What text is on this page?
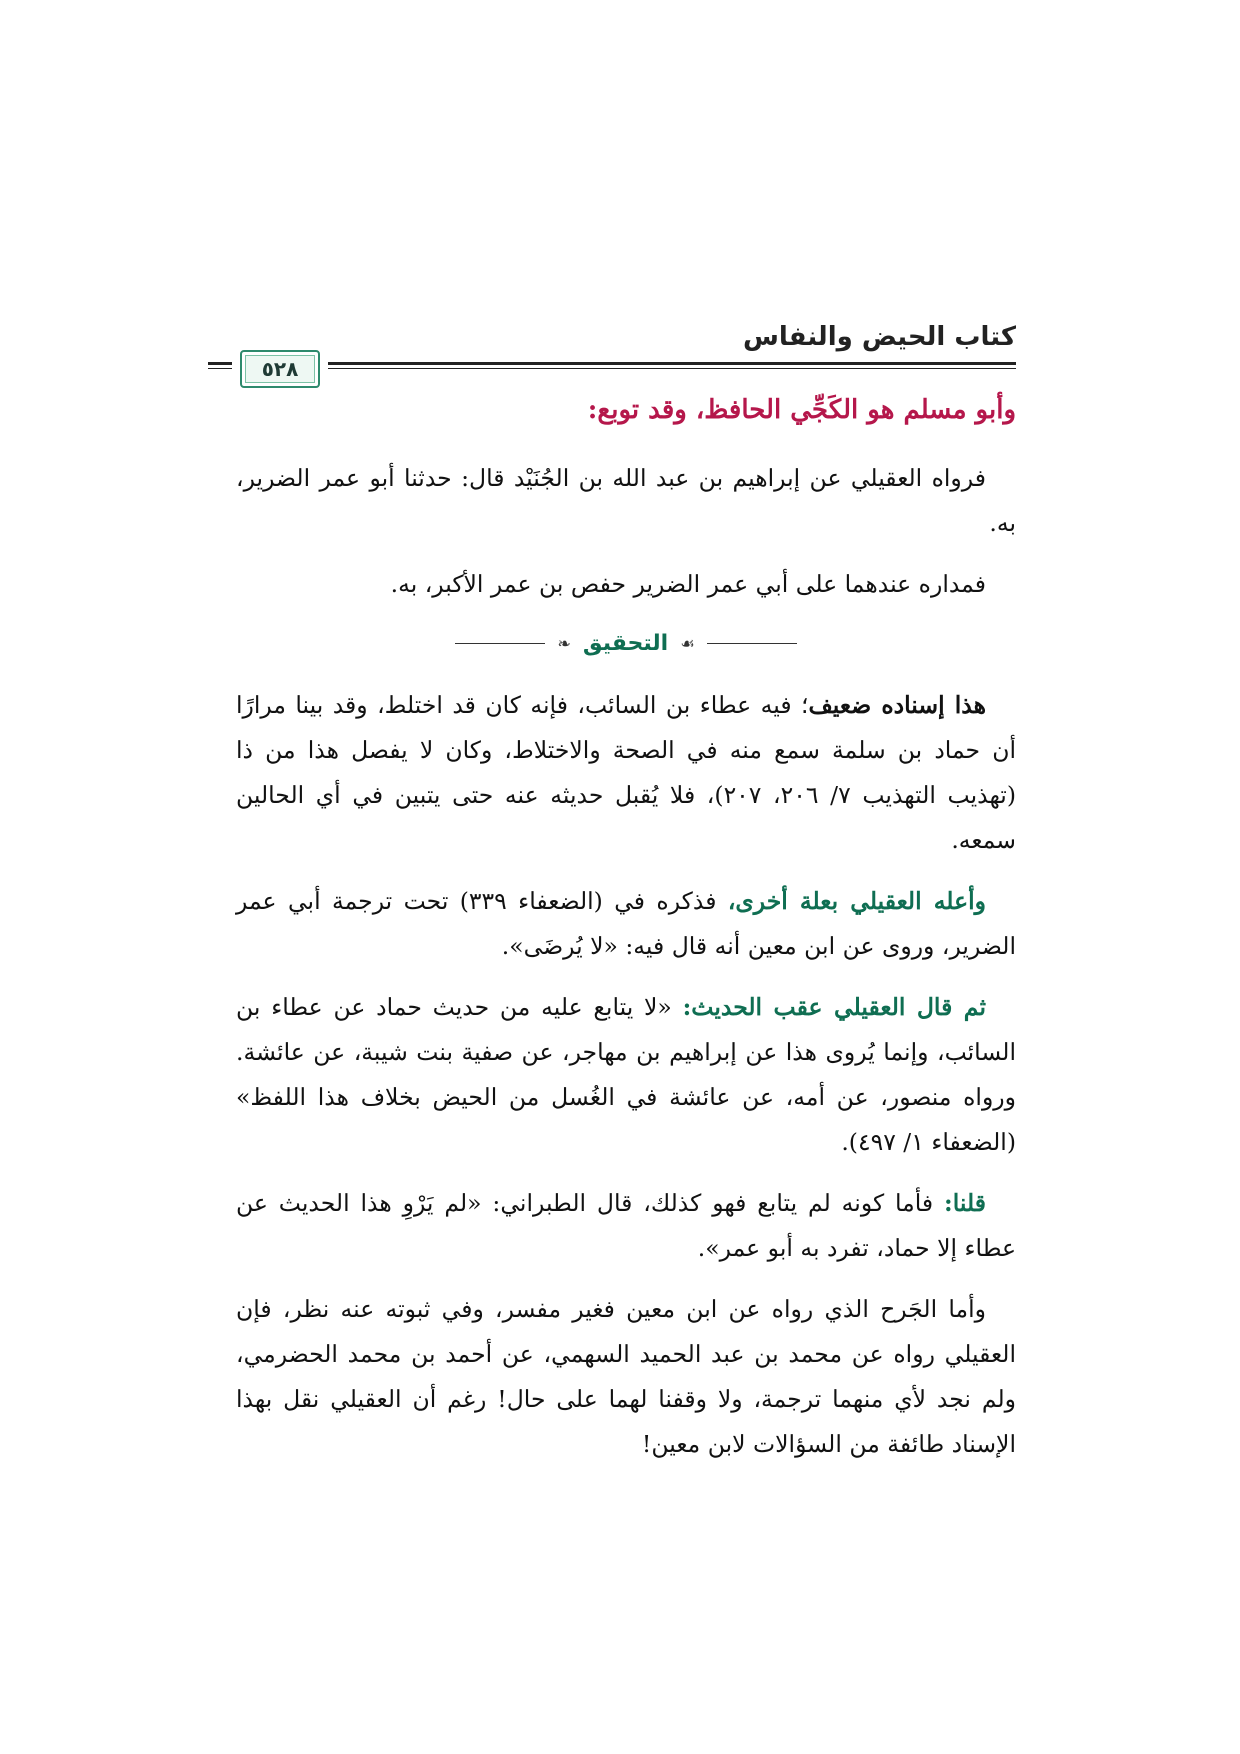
كتاب الحيض والنفاس
٥٢٨
وأبو مسلم هو الكَجِّي الحافظ، وقد توبع:

فرواه العقيلي عن إبراهيم بن عبد الله بن الجُنَيْد قال: حدثنا أبو عمر الضرير، به.

فمداره عندهما على أبي عمر الضرير حفص بن عمر الأكبر، به.

☙
التحقيق
❧

هذا إسناده ضعيف؛ فيه عطاء بن السائب، فإنه كان قد اختلط، وقد بينا مرارًا أن حماد بن سلمة سمع منه في الصحة والاختلاط، وكان لا يفصل هذا من ذا (تهذيب التهذيب ٧/ ٢٠٦، ٢٠٧)، فلا يُقبل حديثه عنه حتى يتبين في أي الحالين سمعه.

وأعله العقيلي بعلة أخرى، فذكره في (الضعفاء ٣٣٩) تحت ترجمة أبي عمر الضرير، وروى عن ابن معين أنه قال فيه: «لا يُرضَى».

ثم قال العقيلي عقب الحديث: «لا يتابع عليه من حديث حماد عن عطاء بن السائب، وإنما يُروى هذا عن إبراهيم بن مهاجر، عن صفية بنت شيبة، عن عائشة. ورواه منصور، عن أمه، عن عائشة في الغُسل من الحيض بخلاف هذا اللفظ» (الضعفاء ١/ ٤٩٧).

قلنا: فأما كونه لم يتابع فهو كذلك، قال الطبراني: «لم يَرْوِ هذا الحديث عن عطاء إلا حماد، تفرد به أبو عمر».

وأما الجَرح الذي رواه عن ابن معين فغير مفسر، وفي ثبوته عنه نظر، فإن العقيلي رواه عن محمد بن عبد الحميد السهمي، عن أحمد بن محمد الحضرمي، ولم نجد لأي منهما ترجمة، ولا وقفنا لهما على حال! رغم أن العقيلي نقل بهذا الإسناد طائفة من السؤالات لابن معين!
